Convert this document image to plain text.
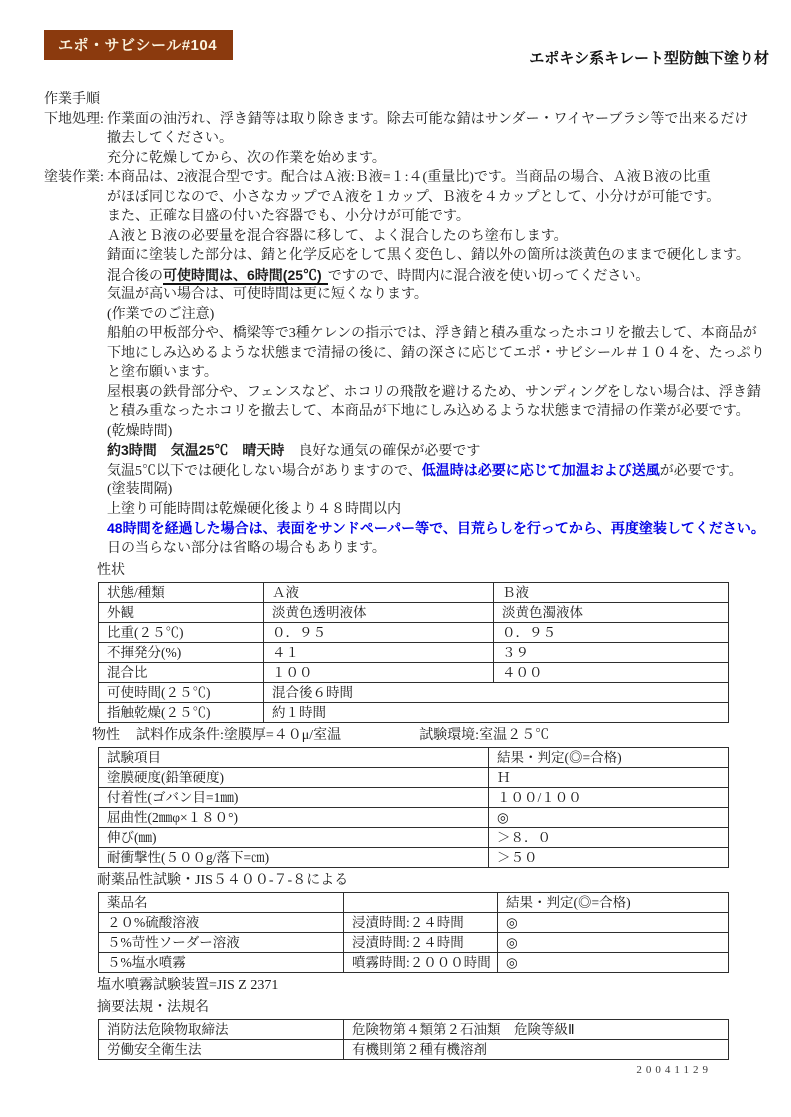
エポ・サビシール#104
エポキシ系キレート型防蝕下塗り材
作業手順
下地処理: 作業面の油汚れ、浮き錆等は取り除きます。除去可能な錆はサンダー・ワイヤーブラシ等で出来るだけ
撤去してください。
充分に乾燥してから、次の作業を始めます。
塗装作業: 本商品は、2液混合型です。配合はＡ液:Ｂ液=１:４(重量比)です。当商品の場合、Ａ液Ｂ液の比重
がほぼ同じなので、小さなカップでＡ液を１カップ、Ｂ液を４カップとして、小分けが可能です。
また、正確な目盛の付いた容器でも、小分けが可能です。
Ａ液とＢ液の必要量を混合容器に移して、よく混合したのち塗布します。
錆面に塗装した部分は、錆と化学反応をして黒く変色し、錆以外の箇所は淡黄色のままで硬化します。
混合後の可使時間は、6時間(25℃) ですので、時間内に混合液を使い切ってください。
気温が高い場合は、可使時間は更に短くなります。
(作業でのご注意)
船舶の甲板部分や、橋梁等で3種ケレンの指示では、浮き錆と積み重なったホコリを撤去して、本商品が
下地にしみ込めるような状態まで清掃の後に、錆の深さに応じてエポ・サビシール＃１０４を、たっぷり
と塗布願います。
屋根裏の鉄骨部分や、フェンスなど、ホコリの飛散を避けるため、サンディングをしない場合は、浮き錆
と積み重なったホコリを撤去して、本商品が下地にしみ込めるような状態まで清掃の作業が必要です。
(乾燥時間)
約3時間　気温25℃　晴天時　良好な通気の確保が必要です
気温5℃以下では硬化しない場合がありますので、低温時は必要に応じて加温および送風が必要です。
(塗装間隔)
上塗り可能時間は乾燥硬化後より４８時間以内
48時間を経過した場合は、表面をサンドペーパー等で、目荒らしを行ってから、再度塗装してください。
日の当らない部分は省略の場合もあります。
性状
状態/種類	Ａ液	Ｂ液
外観	淡黄色透明液体	淡黄色濁液体
比重(２５℃)	０．９５	０．９５
不揮発分(%)	４１	３９
混合比	１００	４００
可使時間(２５℃)	混合後６時間	
指触乾燥(２５℃)	約１時間	
物性 試料作成条件:塗膜厚=４０μ/室温	試験環境:室温２５℃
試験項目	結果・判定(◎=合格)
塗膜硬度(鉛筆硬度)	Ｈ
付着性(ゴバン目=1㎜)	１００/１００
屈曲性(2㎜φ×１８０°)	◎
伸び(㎜)	＞８．０
耐衝撃性(５００g/落下=㎝)	＞５０
耐薬品性試験・JIS５４００-７-８による
薬品名		結果・判定(◎=合格)
２０%硫酸溶液	浸漬時間:２４時間	◎
５%苛性ソーダー溶液	浸漬時間:２４時間	◎
５%塩水噴霧	噴霧時間:２０００時間	◎
塩水噴霧試験装置=JIS Z 2371
摘要法規・法規名
消防法危険物取締法	危険物第４類第２石油類　危険等級Ⅱ
労働安全衛生法	有機則第２種有機溶剤
20041129
